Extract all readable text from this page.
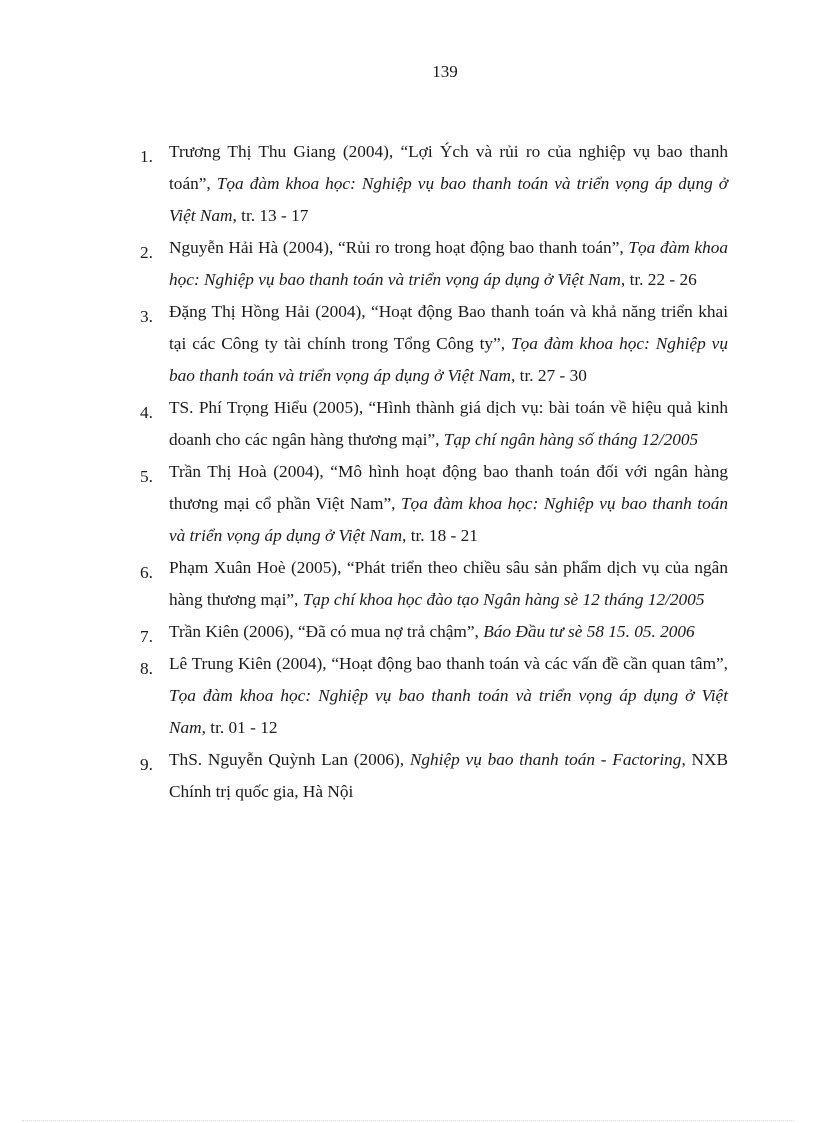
139
1. Trương Thị Thu Giang (2004), “Lợi Ých và rủi ro của nghiệp vụ bao thanh toán”, Tọa đàm khoa học: Nghiệp vụ bao thanh toán và triển vọng áp dụng ở Việt Nam, tr. 13 - 17
2. Nguyễn Hải Hà (2004), “Rủi ro trong hoạt động bao thanh toán”, Tọa đàm khoa học: Nghiệp vụ bao thanh toán và triển vọng áp dụng ở Việt Nam, tr. 22 - 26
3. Đặng Thị Hồng Hải (2004), “Hoạt động Bao thanh toán và khả năng triển khai tại các Công ty tài chính trong Tổng Công ty”, Tọa đàm khoa học: Nghiệp vụ bao thanh toán và triển vọng áp dụng ở Việt Nam, tr. 27 - 30
4. TS. Phí Trọng Hiểu (2005), “Hình thành giá dịch vụ: bài toán về hiệu quả kinh doanh cho các ngân hàng thương mại”, Tạp chí ngân hàng số tháng 12/2005
5. Trần Thị Hoà (2004), “Mô hình hoạt động bao thanh toán đối với ngân hàng thương mại cổ phần Việt Nam”, Tọa đàm khoa học: Nghiệp vụ bao thanh toán và triển vọng áp dụng ở Việt Nam, tr. 18 - 21
6. Phạm Xuân Hoè (2005), “Phát triển theo chiều sâu sản phẩm dịch vụ của ngân hàng thương mại”, Tạp chí khoa học đào tạo Ngân hàng sè 12 tháng 12/2005
7. Trần Kiên (2006), “Đã có mua nợ trả chậm”, Báo Đầu tư sè 58 15. 05. 2006
8. Lê Trung Kiên (2004), “Hoạt động bao thanh toán và các vấn đề cần quan tâm”, Tọa đàm khoa học: Nghiệp vụ bao thanh toán và triển vọng áp dụng ở Việt Nam, tr. 01 - 12
9. ThS. Nguyễn Quỳnh Lan (2006), Nghiệp vụ bao thanh toán - Factoring, NXB Chính trị quốc gia, Hà Nội
